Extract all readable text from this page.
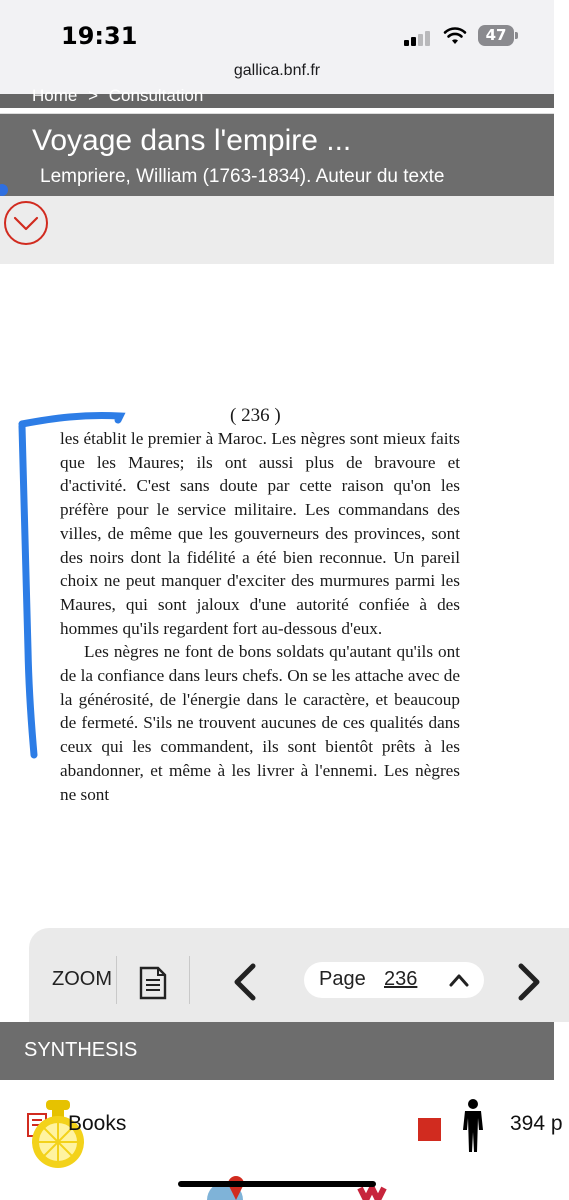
19:31	47
gallica.bnf.fr
Home > Consultation
Voyage dans l'empire ...
Lempriere, William (1763-1834). Auteur du texte
( 236 )

les établit le premier à Maroc. Les nègres sont mieux faits que les Maures; ils ont aussi plus de bravoure et d'activité. C'est sans doute par cette raison qu'on les préfère pour le service militaire. Les commandans des villes, de même que les gouverneurs des provinces, sont des noirs dont la fidélité a été bien reconnue. Un pareil choix ne peut manquer d'exciter des murmures parmi les Maures, qui sont jaloux d'une autorité confiée à des hommes qu'ils regardent fort au-dessous d'eux.

Les nègres ne font de bons soldats qu'autant qu'ils ont de la confiance dans leurs chefs. On se les attache avec de la générosité, de l'énergie dans le caractère, et beaucoup de fermeté. S'ils ne trouvent aucunes de ces qualités dans ceux qui les commandent, ils sont bientôt prêts à les abandonner, et même à les livrer à l'ennemi. Les nègres ne sont

ZOOM	Page 236
SYNTHESIS
Books	394 p
